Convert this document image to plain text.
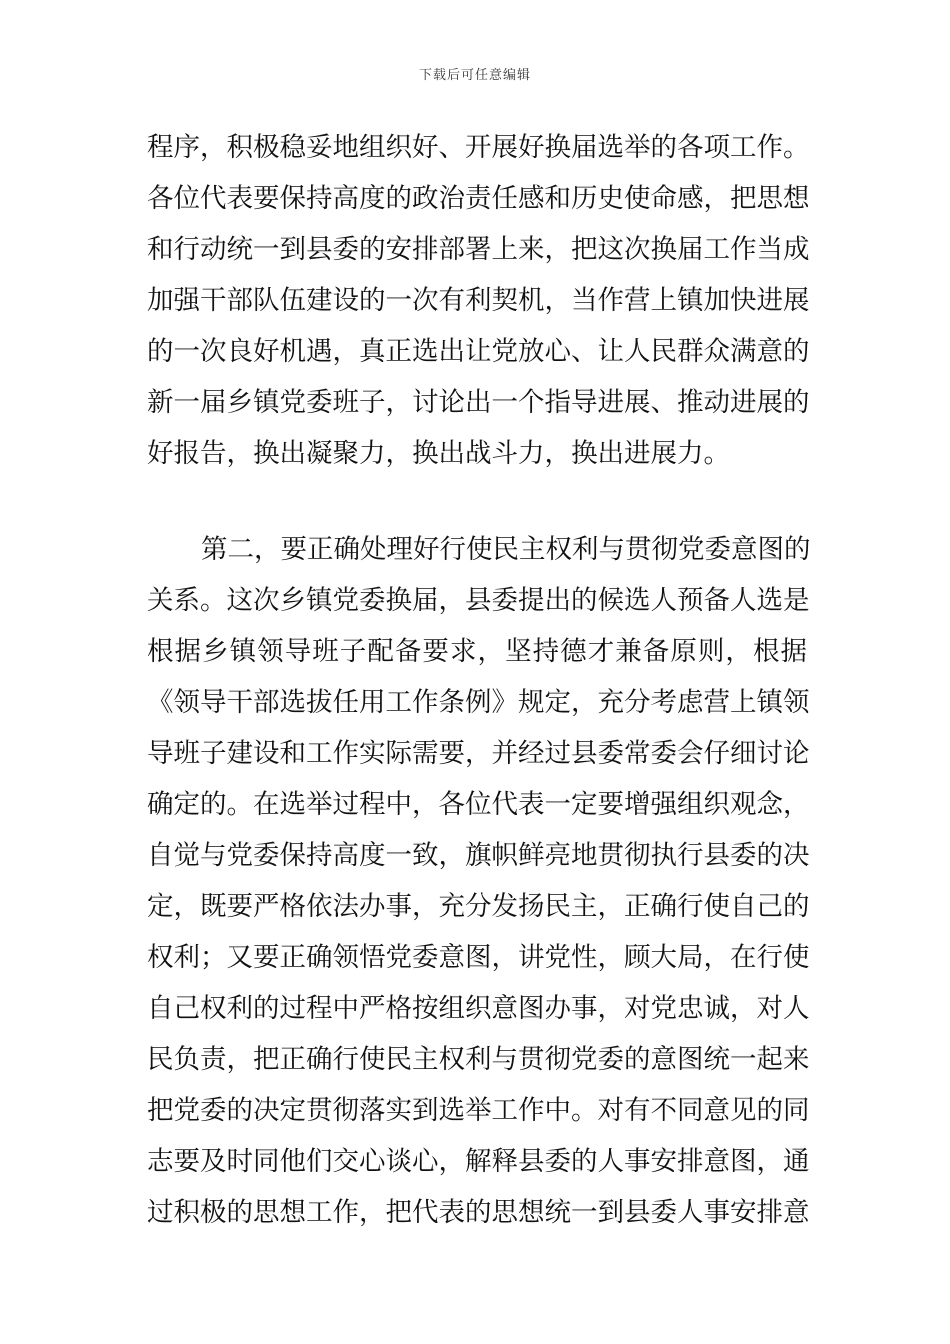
下载后可任意编辑
程序，积极稳妥地组织好、开展好换届选举的各项工作。
各位代表要保持高度的政治责任感和历史使命感，把思想
和行动统一到县委的安排部署上来，把这次换届工作当成
加强干部队伍建设的一次有利契机，当作营上镇加快进展
的一次良好机遇，真正选出让党放心、让人民群众满意的
新一届乡镇党委班子，讨论出一个指导进展、推动进展的
好报告，换出凝聚力，换出战斗力，换出进展力。
第二，要正确处理好行使民主权利与贯彻党委意图的
关系。这次乡镇党委换届，县委提出的候选人预备人选是
根据乡镇领导班子配备要求，坚持德才兼备原则，根据
《领导干部选拔任用工作条例》规定，充分考虑营上镇领
导班子建设和工作实际需要，并经过县委常委会仔细讨论
确定的。在选举过程中，各位代表一定要增强组织观念，
自觉与党委保持高度一致，旗帜鲜亮地贯彻执行县委的决
定，既要严格依法办事，充分发扬民主，正确行使自己的
权利；又要正确领悟党委意图，讲党性，顾大局，在行使
自己权利的过程中严格按组织意图办事，对党忠诚，对人
民负责，把正确行使民主权利与贯彻党委的意图统一起来
把党委的决定贯彻落实到选举工作中。对有不同意见的同
志要及时同他们交心谈心，解释县委的人事安排意图，通
过积极的思想工作，把代表的思想统一到县委人事安排意
